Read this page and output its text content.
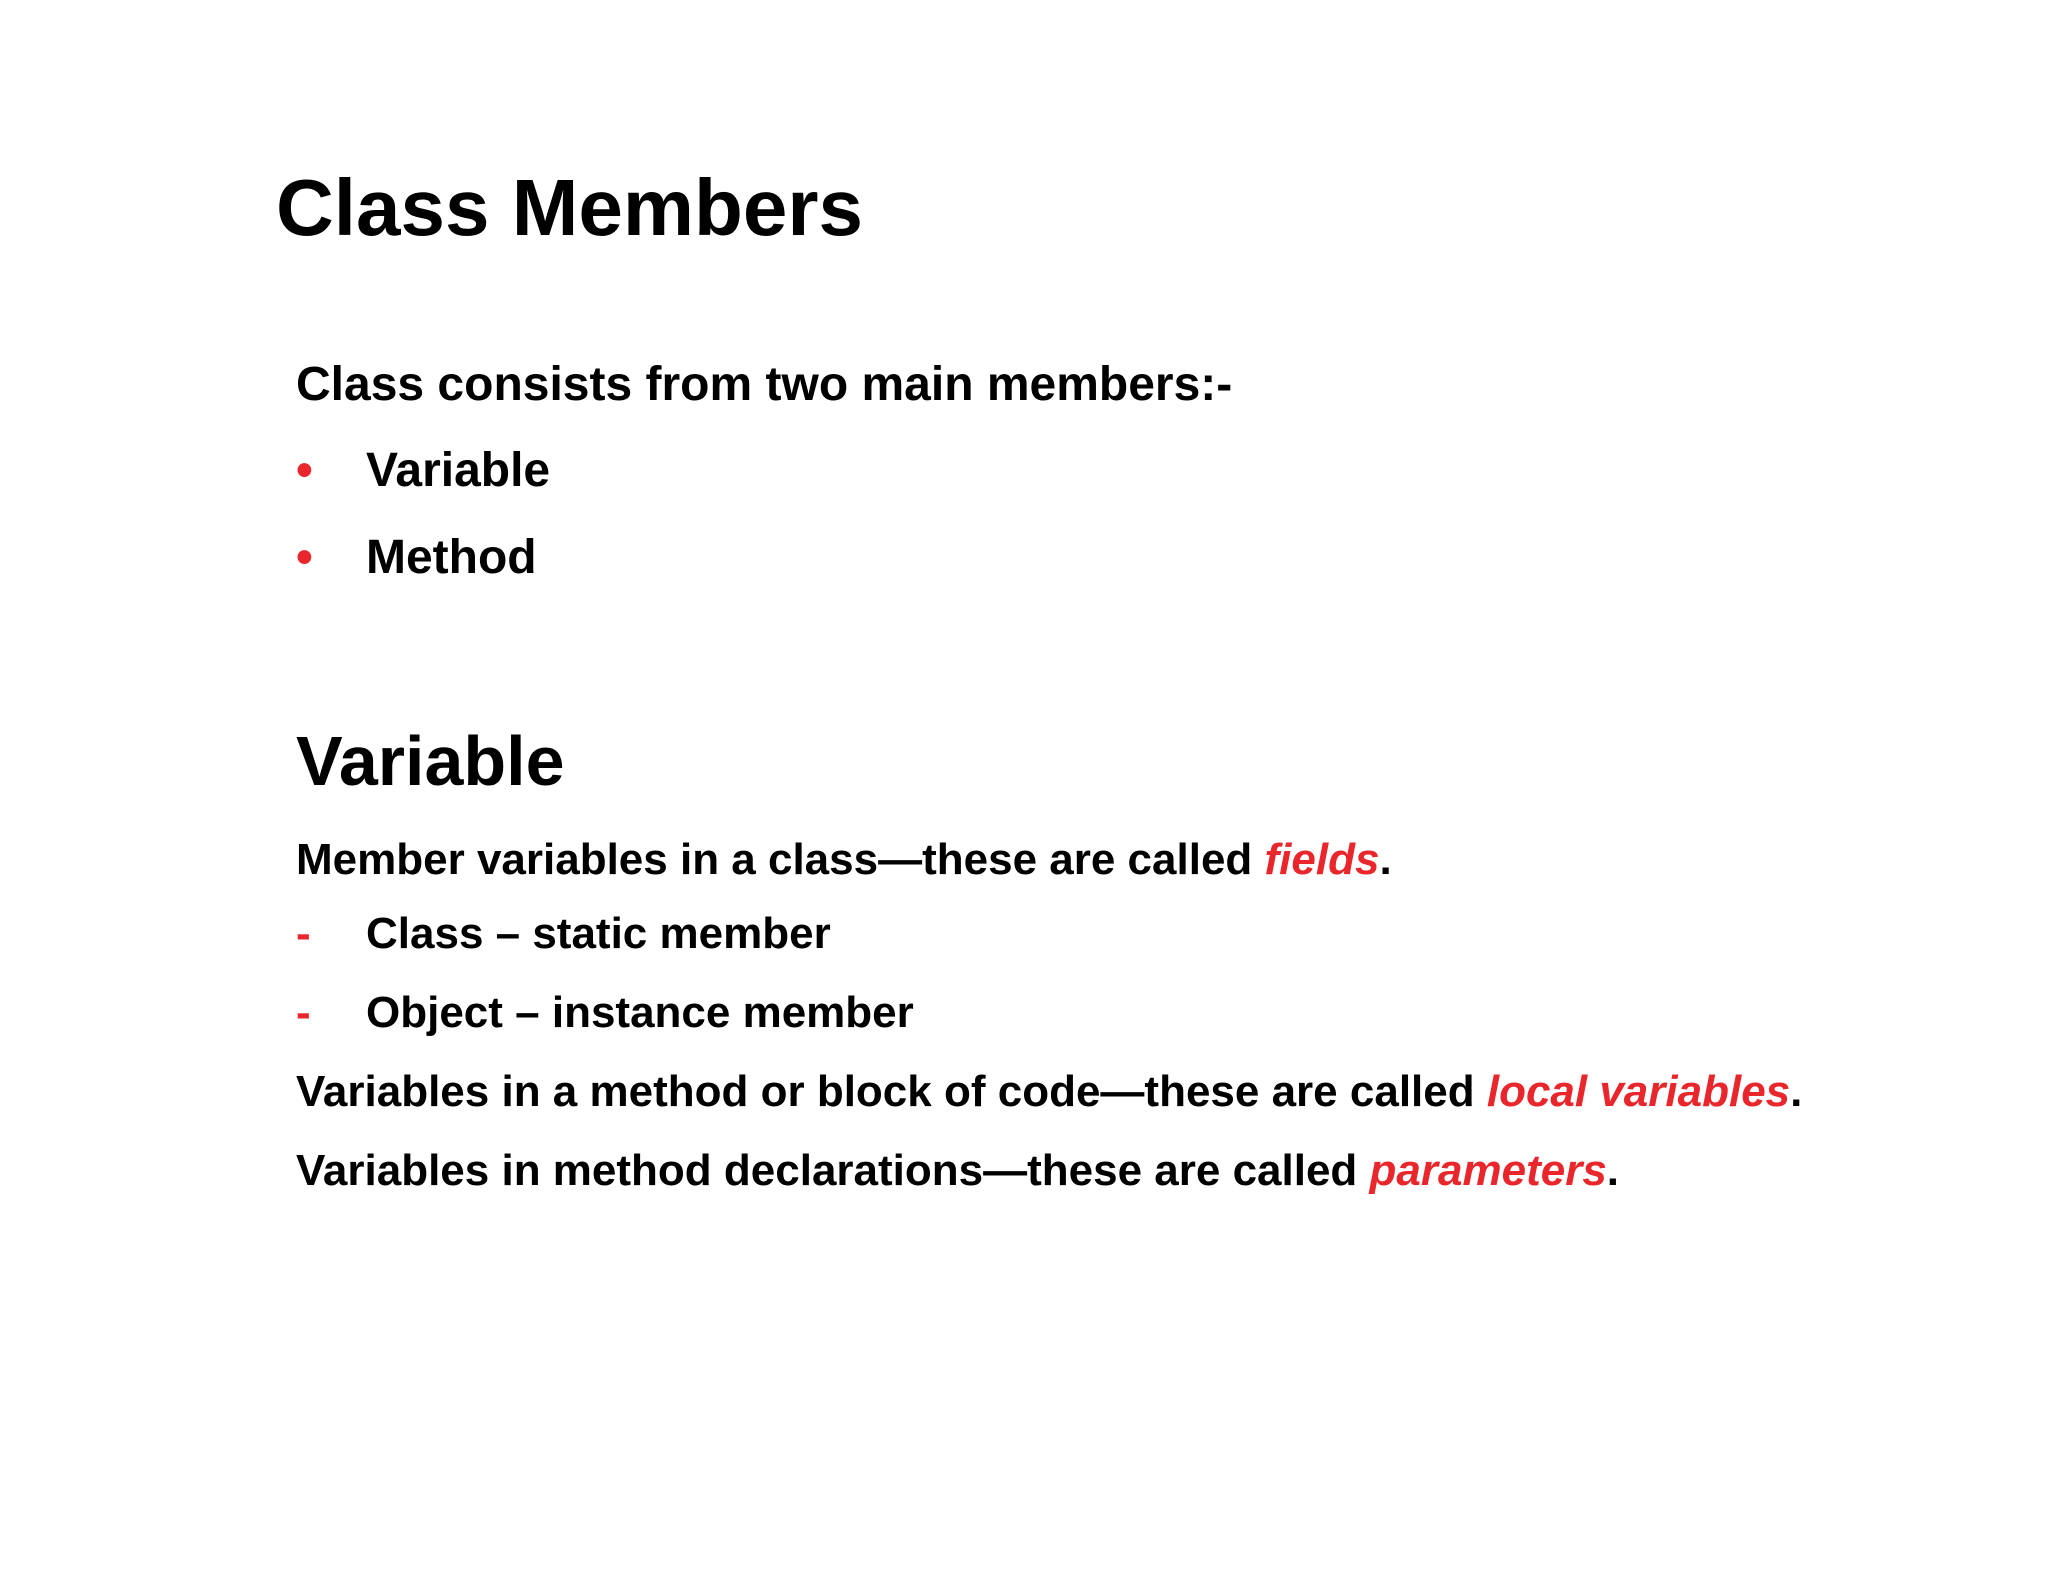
Class Members
Class consists from two main members:-
• Variable
• Method
Variable
Member variables in a class—these are called fields.
- Class – static member
- Object – instance member
Variables in a method or block of code—these are called local variables.
Variables in method declarations—these are called parameters.
